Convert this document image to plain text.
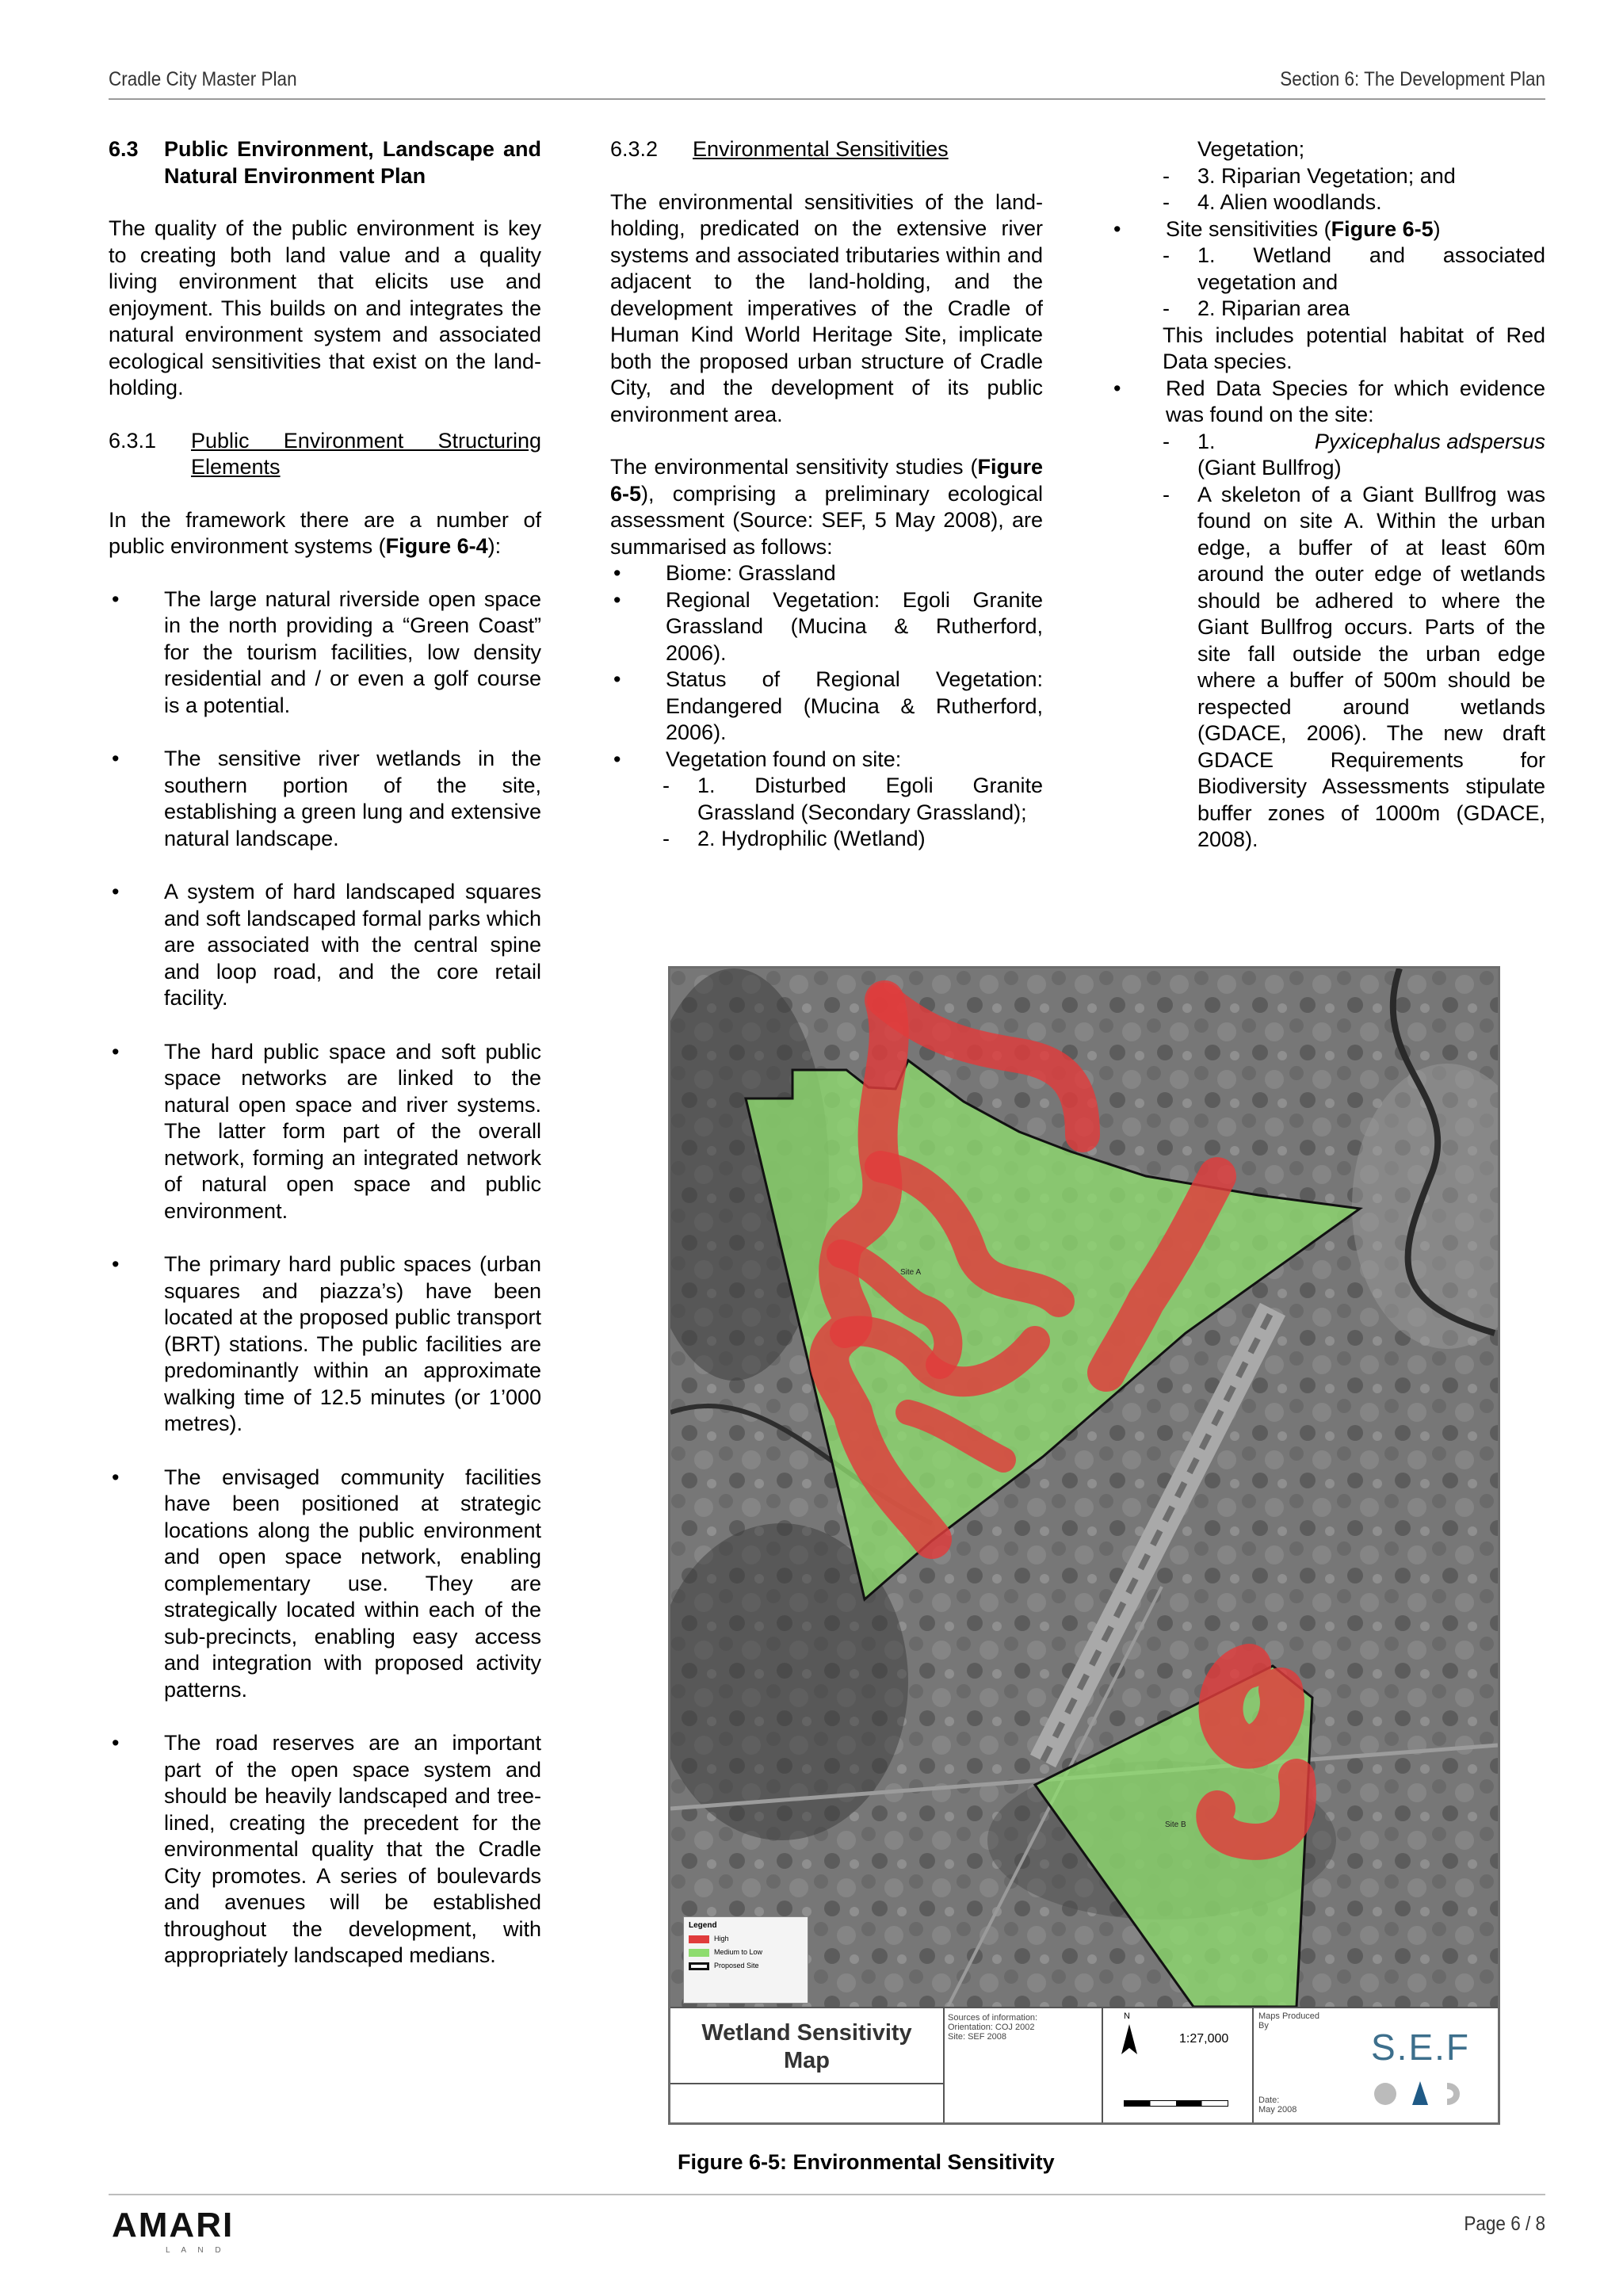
Cradle City Master Plan	Section 6: The Development Plan
6.3	Public Environment, Landscape and Natural Environment Plan

The quality of the public environment is key to creating both land value and a quality living environment that elicits use and enjoyment. This builds on and integrates the natural environment system and associated ecological sensitivities that exist on the land-holding.

6.3.1	Public Environment Structuring Elements

In the framework there are a number of public environment systems (Figure 6-4):

•	The large natural riverside open space in the north providing a “Green Coast” for the tourism facilities, low density residential and / or even a golf course is a potential.
•	The sensitive river wetlands in the southern portion of the site, establishing a green lung and extensive natural landscape.
•	A system of hard landscaped squares and soft landscaped formal parks which are associated with the central spine and loop road, and the core retail facility.
•	The hard public space and soft public space networks are linked to the natural open space and river systems. The latter form part of the overall network, forming an integrated network of natural open space and public environment.
•	The primary hard public spaces (urban squares and piazza’s) have been located at the proposed public transport (BRT) stations. The public facilities are predominantly within an approximate walking time of 12.5 minutes (or 1’000 metres).
•	The envisaged community facilities have been positioned at strategic locations along the public environment and open space network, enabling complementary use. They are strategically located within each of the sub-precincts, enabling easy access and integration with proposed activity patterns.
•	The road reserves are an important part of the open space system and should be heavily landscaped and tree-lined, creating the precedent for the environmental quality that the Cradle City promotes. A series of boulevards and avenues will be established throughout the development, with appropriately landscaped medians.
6.3.2	Environmental Sensitivities

The environmental sensitivities of the land-holding, predicated on the extensive river systems and associated tributaries within and adjacent to the land-holding, and the development imperatives of the Cradle of Human Kind World Heritage Site, implicate both the proposed urban structure of Cradle City, and the development of its public environment area.

The environmental sensitivity studies (Figure 6-5), comprising a preliminary ecological assessment (Source: SEF, 5 May 2008), are summarised as follows:

•	Biome: Grassland
•	Regional Vegetation: Egoli Granite Grassland (Mucina & Rutherford, 2006).
•	Status of Regional Vegetation: Endangered (Mucina & Rutherford, 2006).
•	Vegetation found on site:
-	1. Disturbed Egoli Granite Grassland (Secondary Grassland);
-	2. Hydrophilic (Wetland)

Vegetation;

-	3. Riparian Vegetation; and
-	4. Alien woodlands.
•	Site sensitivities (Figure 6-5)
-	1. Wetland and associated vegetation and
-	2. Riparian area

This includes potential habitat of Red Data species.

•	Red Data Species for which evidence was found on the site:
-	1.	Pyxicephalus adspersus

(Giant Bullfrog)
-	A skeleton of a Giant Bullfrog was found on site A. Within the urban edge, a buffer of at least 60m around the outer edge of wetlands should be adhered to where the Giant Bullfrog occurs. Parts of the site fall outside the urban edge where a buffer of 500m should be respected around wetlands (GDACE, 2006). The new draft GDACE Requirements for Biodiversity Assessments stipulate buffer zones of 1000m (GDACE, 2008).
Site A
Site B
Legend
High
Medium to Low
Proposed Site
Wetland Sensitivity
Map
Sources of information:
Orientation: COJ 2002
Site: SEF 2008
N
1:27,000
Maps Produced
By
S.E.F
Date:
May 2008
Figure 6-5: Environmental Sensitivity
AMARI
L A N D
Page 6 / 8
